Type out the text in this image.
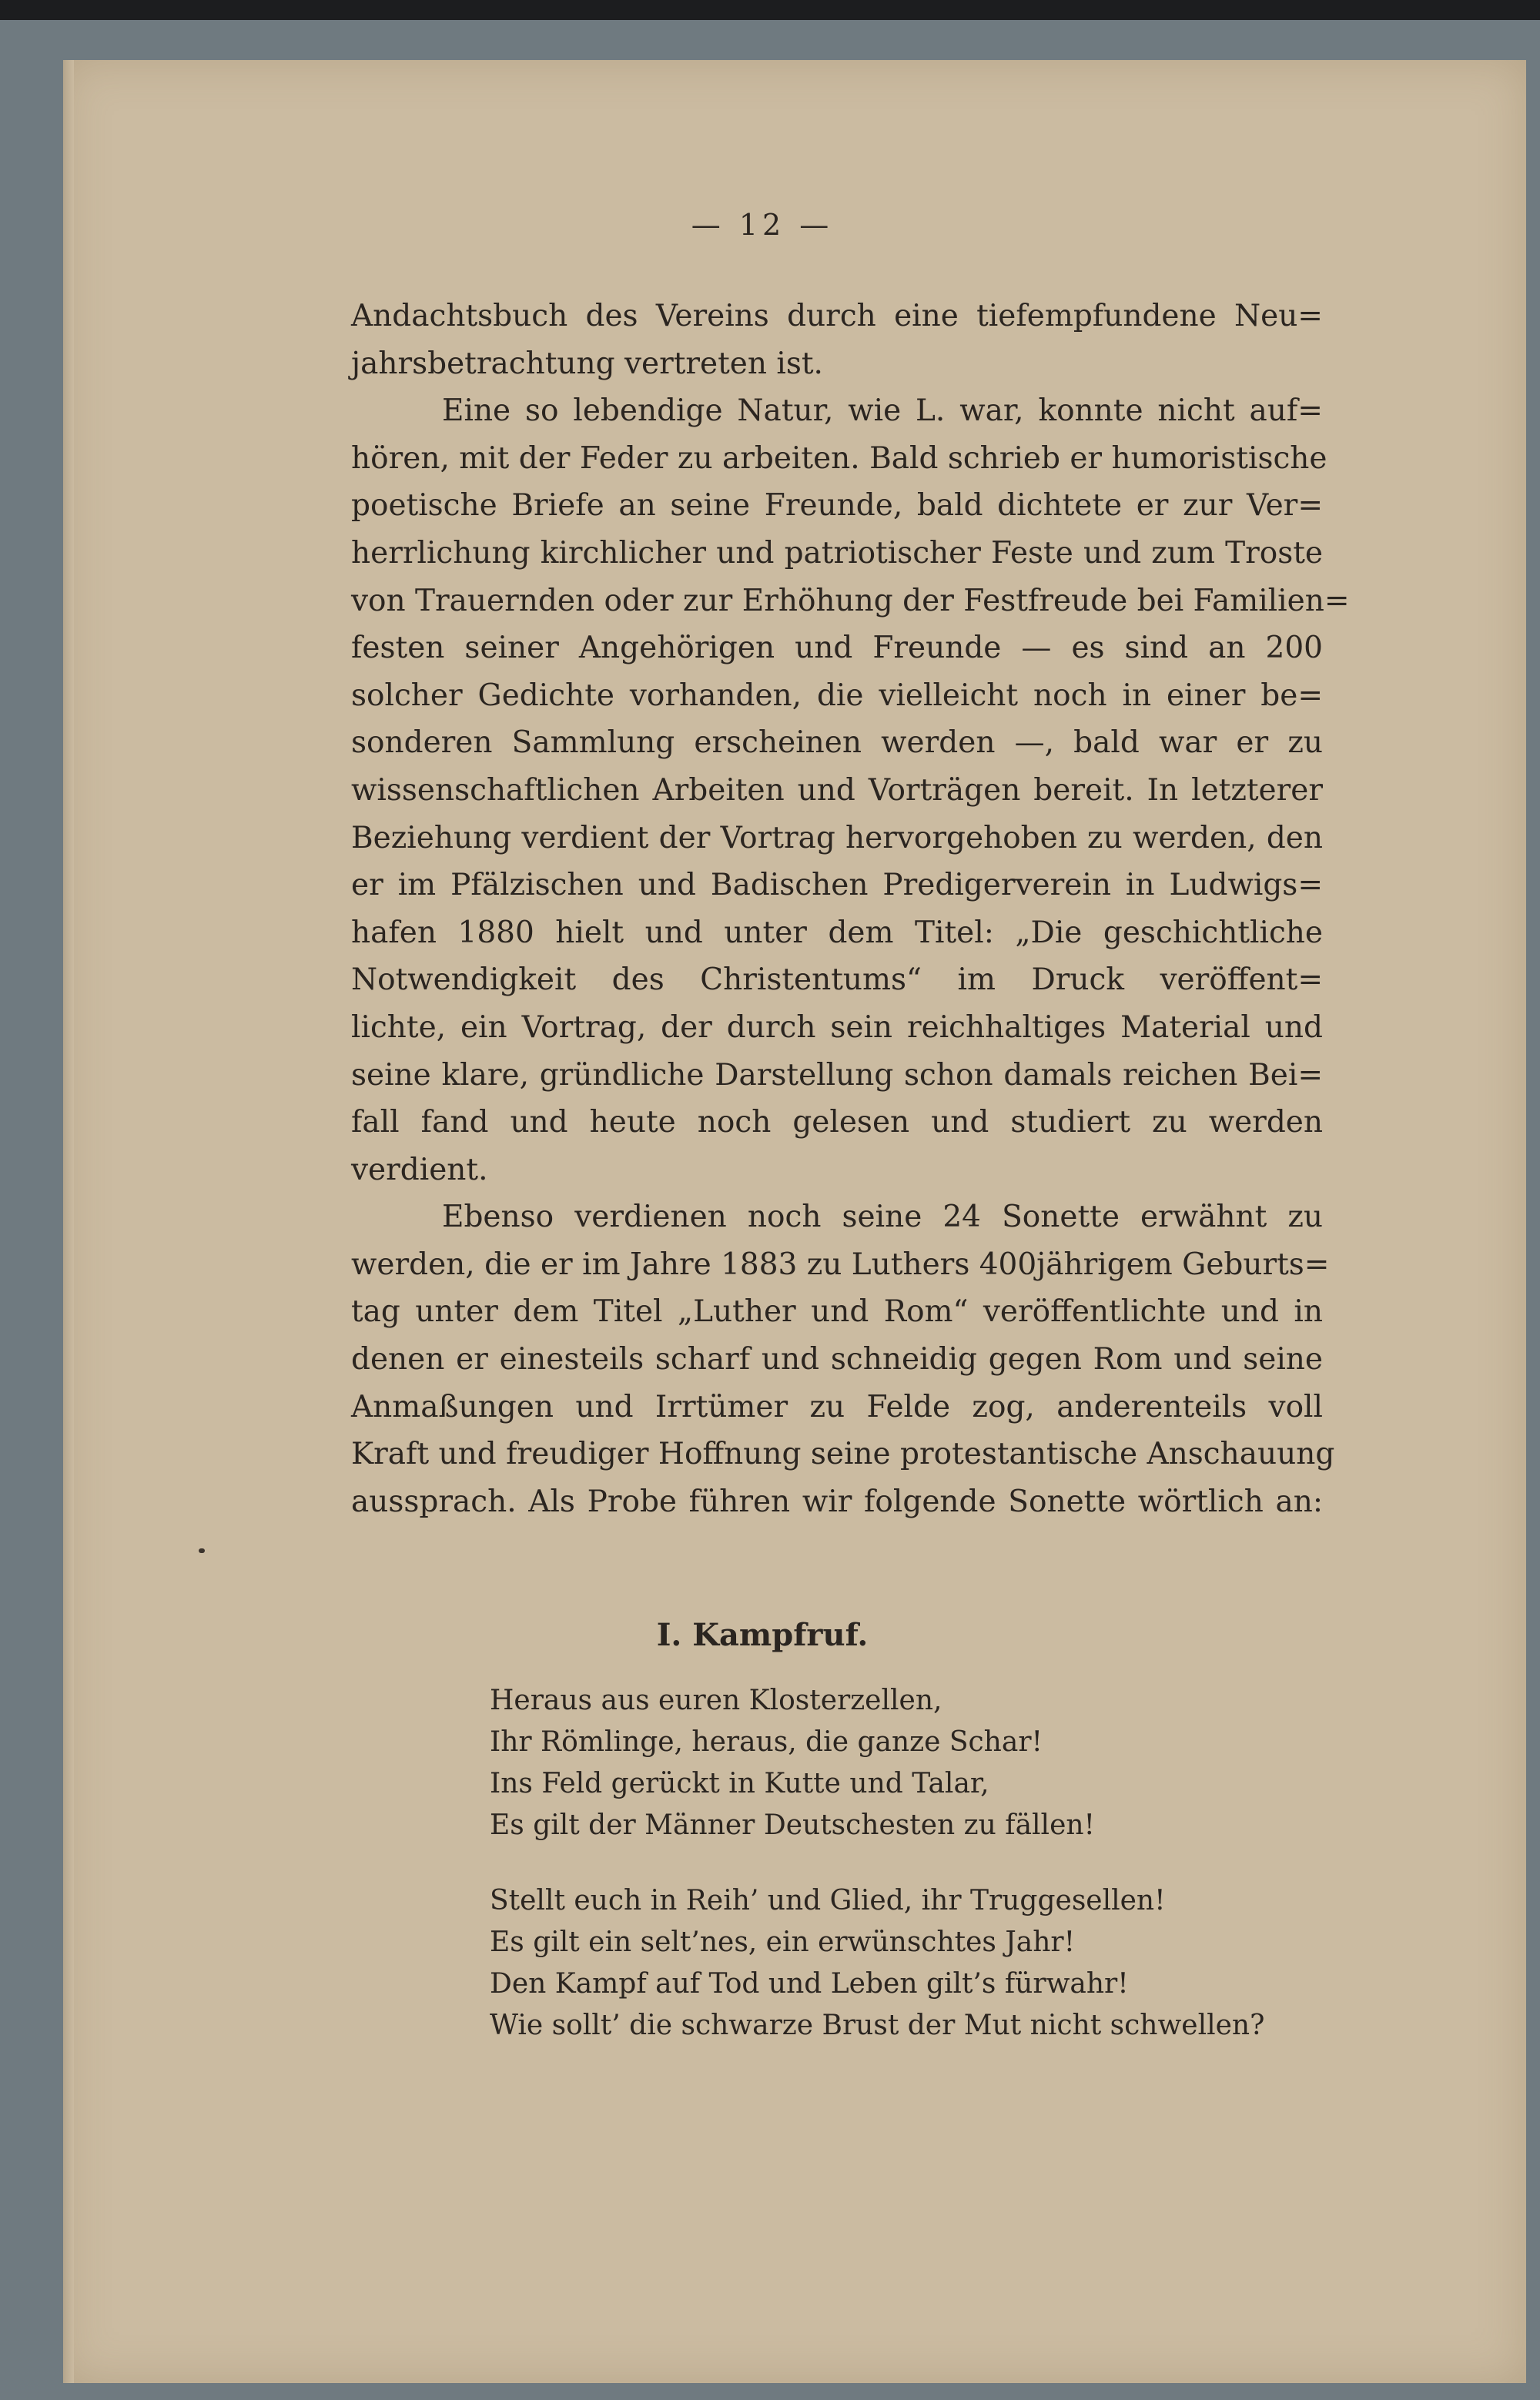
— 12 —
Andachtsbuch des Vereins durch eine tiefempfundene Neu=
jahrsbetrachtung vertreten ist.
Eine so lebendige Natur, wie L. war, konnte nicht auf=
hören, mit der Feder zu arbeiten. Bald schrieb er humoristische
poetische Briefe an seine Freunde, bald dichtete er zur Ver=
herrlichung kirchlicher und patriotischer Feste und zum Troste
von Trauernden oder zur Erhöhung der Festfreude bei Familien=
festen seiner Angehörigen und Freunde — es sind an 200
solcher Gedichte vorhanden, die vielleicht noch in einer be=
sonderen Sammlung erscheinen werden —, bald war er zu
wissenschaftlichen Arbeiten und Vorträgen bereit. In letzterer
Beziehung verdient der Vortrag hervorgehoben zu werden, den
er im Pfälzischen und Badischen Predigerverein in Ludwigs=
hafen 1880 hielt und unter dem Titel: „Die geschichtliche
Notwendigkeit des Christentums“ im Druck veröffent=
lichte, ein Vortrag, der durch sein reichhaltiges Material und
seine klare, gründliche Darstellung schon damals reichen Bei=
fall fand und heute noch gelesen und studiert zu werden
verdient.
Ebenso verdienen noch seine 24 Sonette erwähnt zu
werden, die er im Jahre 1883 zu Luthers 400jährigem Geburts=
tag unter dem Titel „Luther und Rom“ veröffentlichte und in
denen er einesteils scharf und schneidig gegen Rom und seine
Anmaßungen und Irrtümer zu Felde zog, anderenteils voll
Kraft und freudiger Hoffnung seine protestantische Anschauung
aussprach. Als Probe führen wir folgende Sonette wörtlich an:
I. Kampfruf.
Heraus aus euren Klosterzellen,
Ihr Römlinge, heraus, die ganze Schar!
Ins Feld gerückt in Kutte und Talar,
Es gilt der Männer Deutschesten zu fällen!
Stellt euch in Reih’ und Glied, ihr Truggesellen!
Es gilt ein selt’nes, ein erwünschtes Jahr!
Den Kampf auf Tod und Leben gilt’s fürwahr!
Wie sollt’ die schwarze Brust der Mut nicht schwellen?
